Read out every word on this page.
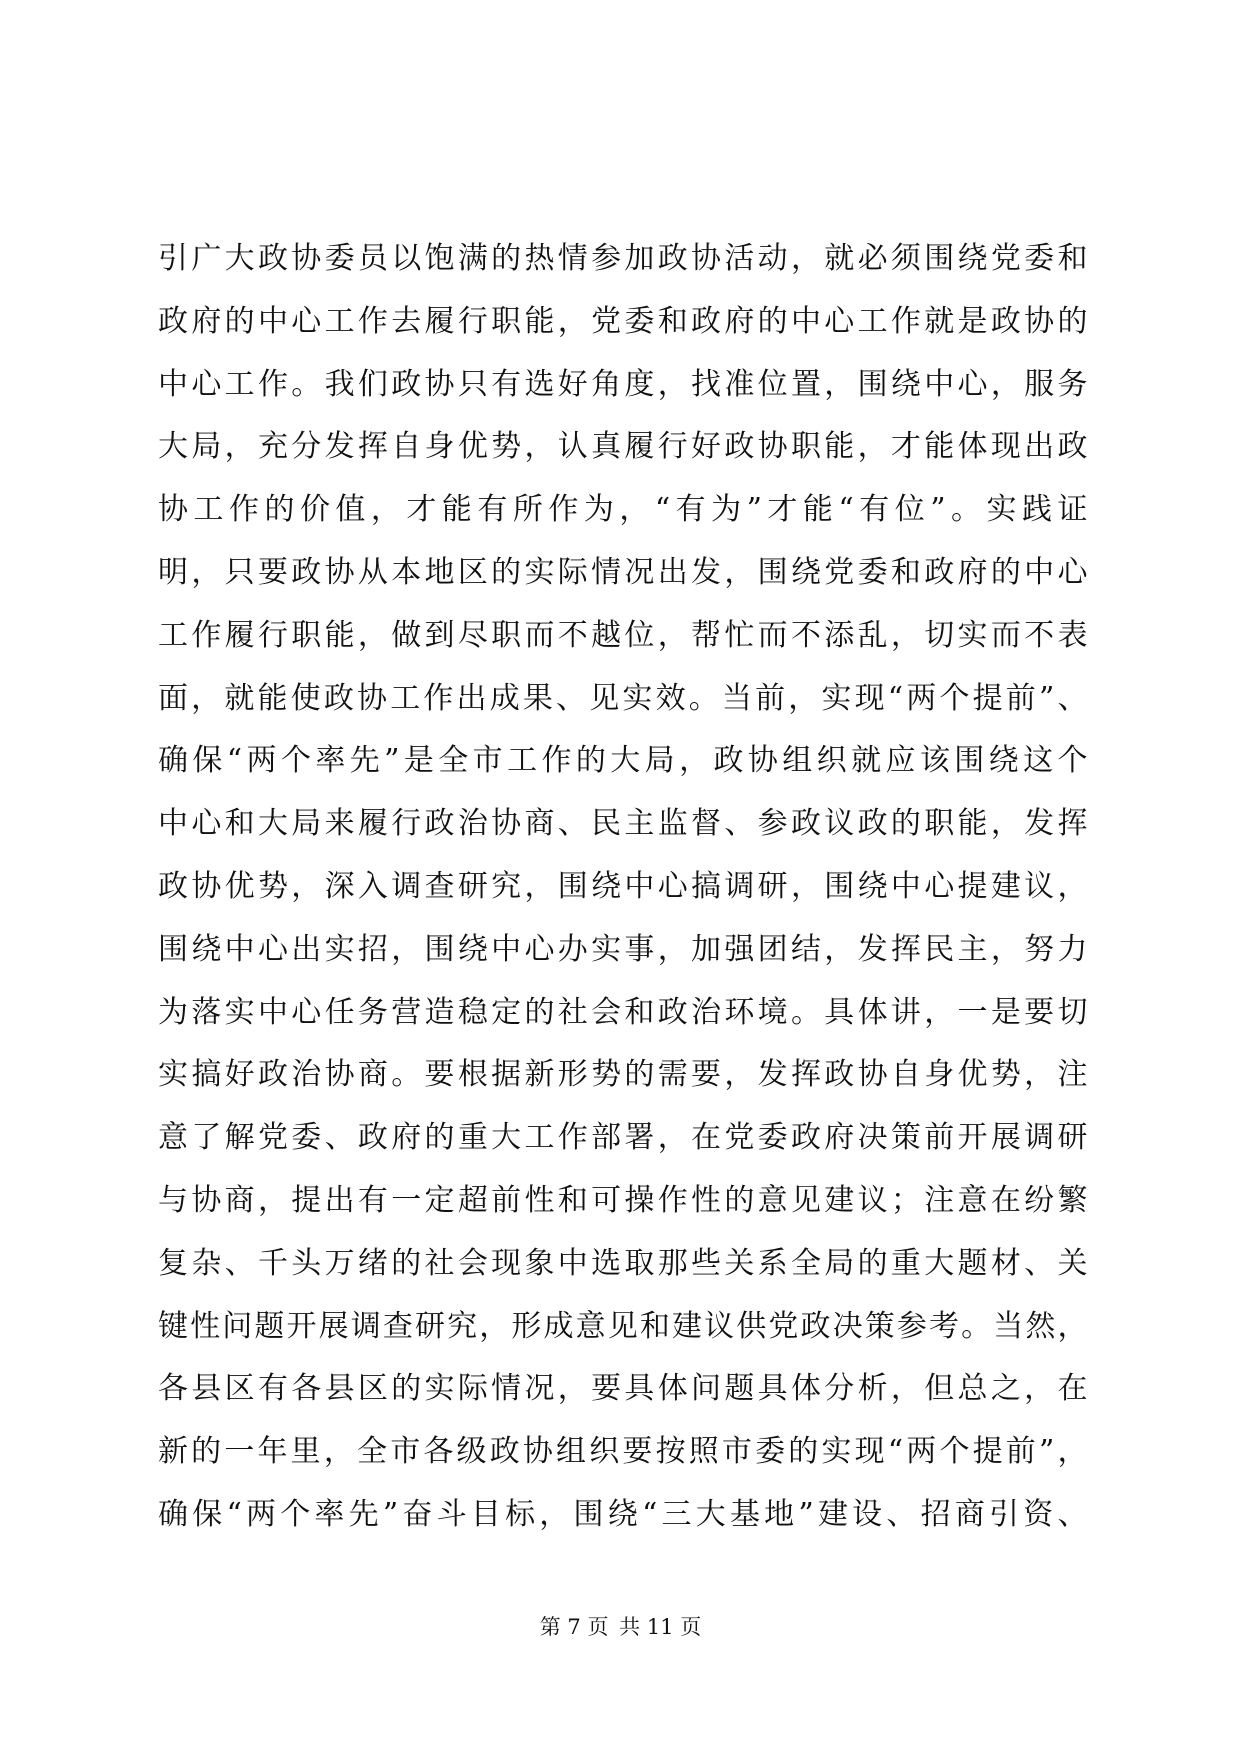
引广大政协委员以饱满的热情参加政协活动，就必须围绕党委和
政府的中心工作去履行职能，党委和政府的中心工作就是政协的
中心工作。我们政协只有选好角度，找准位置，围绕中心，服务
大局，充分发挥自身优势，认真履行好政协职能，才能体现出政
协工作的价值，才能有所作为，“有为”才能“有位”。实践证
明，只要政协从本地区的实际情况出发，围绕党委和政府的中心
工作履行职能，做到尽职而不越位，帮忙而不添乱，切实而不表
面，就能使政协工作出成果、见实效。当前，实现“两个提前”、
确保“两个率先”是全市工作的大局，政协组织就应该围绕这个
中心和大局来履行政治协商、民主监督、参政议政的职能，发挥
政协优势，深入调查研究，围绕中心搞调研，围绕中心提建议，
围绕中心出实招，围绕中心办实事，加强团结，发挥民主，努力
为落实中心任务营造稳定的社会和政治环境。具体讲，一是要切
实搞好政治协商。要根据新形势的需要，发挥政协自身优势，注
意了解党委、政府的重大工作部署，在党委政府决策前开展调研
与协商，提出有一定超前性和可操作性的意见建议；注意在纷繁
复杂、千头万绪的社会现象中选取那些关系全局的重大题材、关
键性问题开展调查研究，形成意见和建议供党政决策参考。当然，
各县区有各县区的实际情况，要具体问题具体分析，但总之，在
新的一年里，全市各级政协组织要按照市委的实现“两个提前”，
确保“两个率先”奋斗目标，围绕“三大基地”建设、招商引资、
第 7 页 共 11 页
